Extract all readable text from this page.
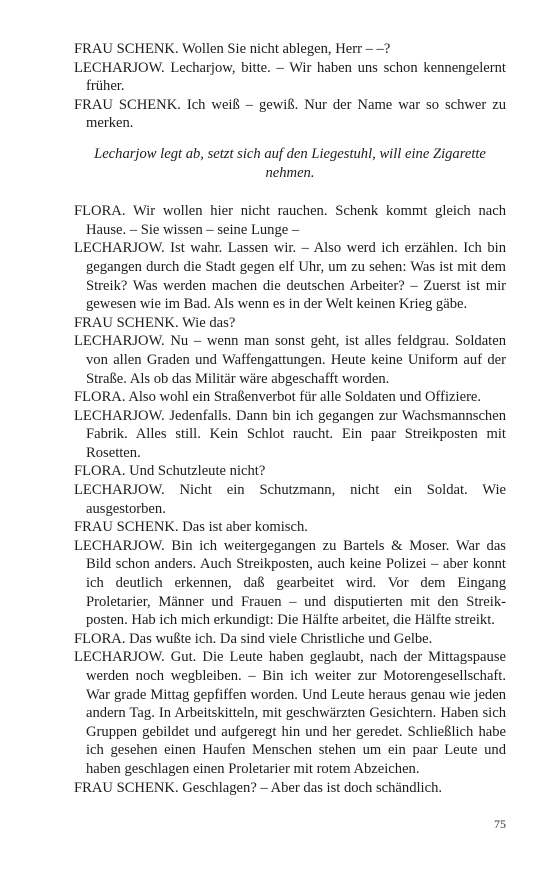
FRAU SCHENK. Wollen Sie nicht ablegen, Herr – –?

LECHARJOW. Lecharjow, bitte. – Wir haben uns schon kennengelernt früher.

FRAU SCHENK. Ich weiß – gewiß. Nur der Name war so schwer zu merken.

Lecharjow legt ab, setzt sich auf den Liegestuhl, will eine Zigarette nehmen.

FLORA. Wir wollen hier nicht rauchen. Schenk kommt gleich nach Hause. – Sie wissen – seine Lunge –

LECHARJOW. Ist wahr. Lassen wir. – Also werd ich erzählen. Ich bin gegangen durch die Stadt gegen elf Uhr, um zu sehen: Was ist mit dem Streik? Was werden machen die deutschen Arbeiter? – Zuerst ist mir gewesen wie im Bad. Als wenn es in der Welt keinen Krieg gäbe.

FRAU SCHENK. Wie das?

LECHARJOW. Nu – wenn man sonst geht, ist alles feldgrau. Soldaten von allen Graden und Waffengattungen. Heute keine Uniform auf der Straße. Als ob das Militär wäre abgeschafft worden.

FLORA. Also wohl ein Straßenverbot für alle Soldaten und Offiziere.

LECHARJOW. Jedenfalls. Dann bin ich gegangen zur Wachsmannschen Fabrik. Alles still. Kein Schlot raucht. Ein paar Streikposten mit Rosetten.

FLORA. Und Schutzleute nicht?

LECHARJOW. Nicht ein Schutzmann, nicht ein Soldat. Wie ausgestorben.

FRAU SCHENK. Das ist aber komisch.

LECHARJOW. Bin ich weitergegangen zu Bartels & Moser. War das Bild schon anders. Auch Streikposten, auch keine Polizei – aber konnt ich deutlich erkennen, daß gearbeitet wird. Vor dem Eingang Proletarier, Männer und Frauen – und disputierten mit den Streikposten. Hab ich mich erkundigt: Die Hälfte arbeitet, die Hälfte streikt.

FLORA. Das wußte ich. Da sind viele Christliche und Gelbe.

LECHARJOW. Gut. Die Leute haben geglaubt, nach der Mittagspause werden noch wegbleiben. – Bin ich weiter zur Motorengesellschaft. War grade Mittag gepfiffen worden. Und Leute heraus genau wie jeden andern Tag. In Arbeitskitteln, mit geschwärzten Gesichtern. Haben sich Gruppen gebildet und aufgeregt hin und her geredet. Schließlich habe ich gesehen einen Haufen Menschen stehen um ein paar Leute und haben geschlagen einen Proletarier mit rotem Abzeichen.

FRAU SCHENK. Geschlagen? – Aber das ist doch schändlich.

75
